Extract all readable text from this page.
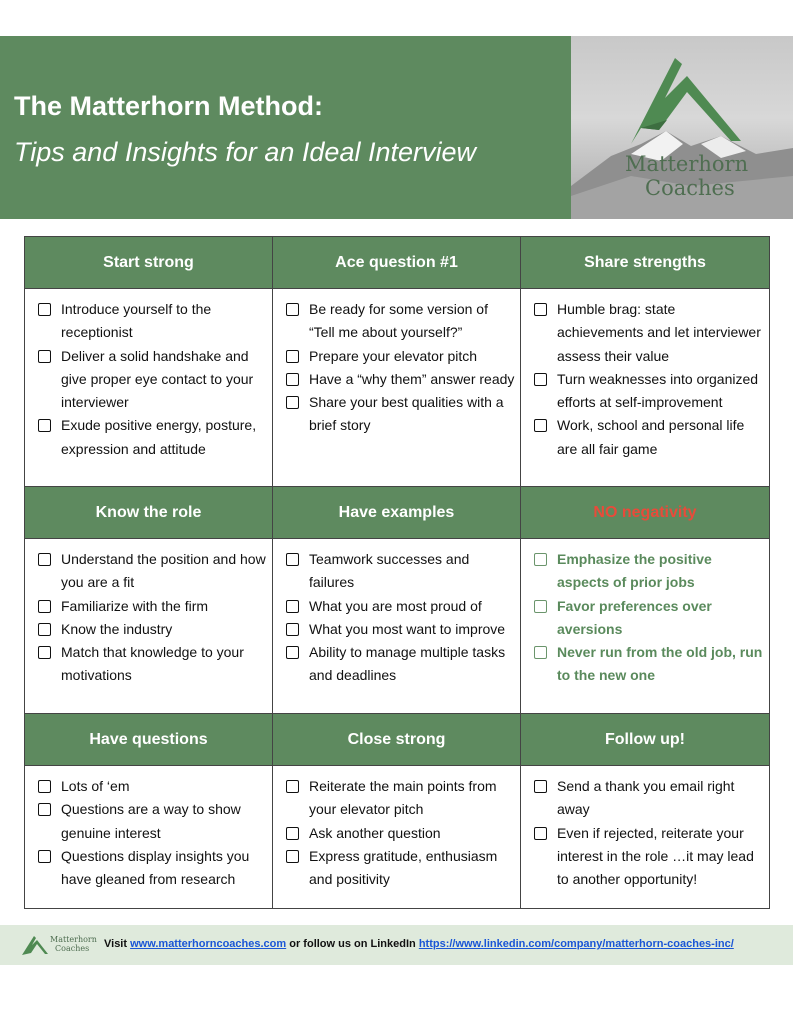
The Matterhorn Method:
Tips and Insights for an Ideal Interview	Matterhorn
Coaches
Start strong
Introduce yourself to the receptionist
Deliver a solid handshake and give proper eye contact to your interviewer
Exude positive energy, posture, expression and attitude
Ace question #1
Be ready for some version of “Tell me about yourself?”
Prepare your elevator pitch
Have a “why them” answer ready
Share your best qualities with a brief story
Share strengths
Humble brag: state achievements and let interviewer assess their value
Turn weaknesses into organized efforts at self-improvement
Work, school and personal life are all fair game
Know the role
Understand the position and how you are a fit
Familiarize with the firm
Know the industry
Match that knowledge to your motivations
Have examples
Teamwork successes and failures
What you are most proud of
What you most want to improve
Ability to manage multiple tasks and deadlines
NO negativity
Emphasize the positive aspects of prior jobs
Favor preferences over aversions
Never run from the old job, run to the new one
Have questions
Lots of ‘em
Questions are a way to show genuine interest
Questions display insights you have gleaned from research
Close strong
Reiterate the main points from your elevator pitch
Ask another question
Express gratitude, enthusiasm and positivity
Follow up!
Send a thank you email right away
Even if rejected, reiterate your interest in the role …it may lead to another opportunity!
Matterhorn
Coaches Visit www.matterhorncoaches.com or follow us on LinkedIn https://www.linkedin.com/company/matterhorn-coaches-inc/
